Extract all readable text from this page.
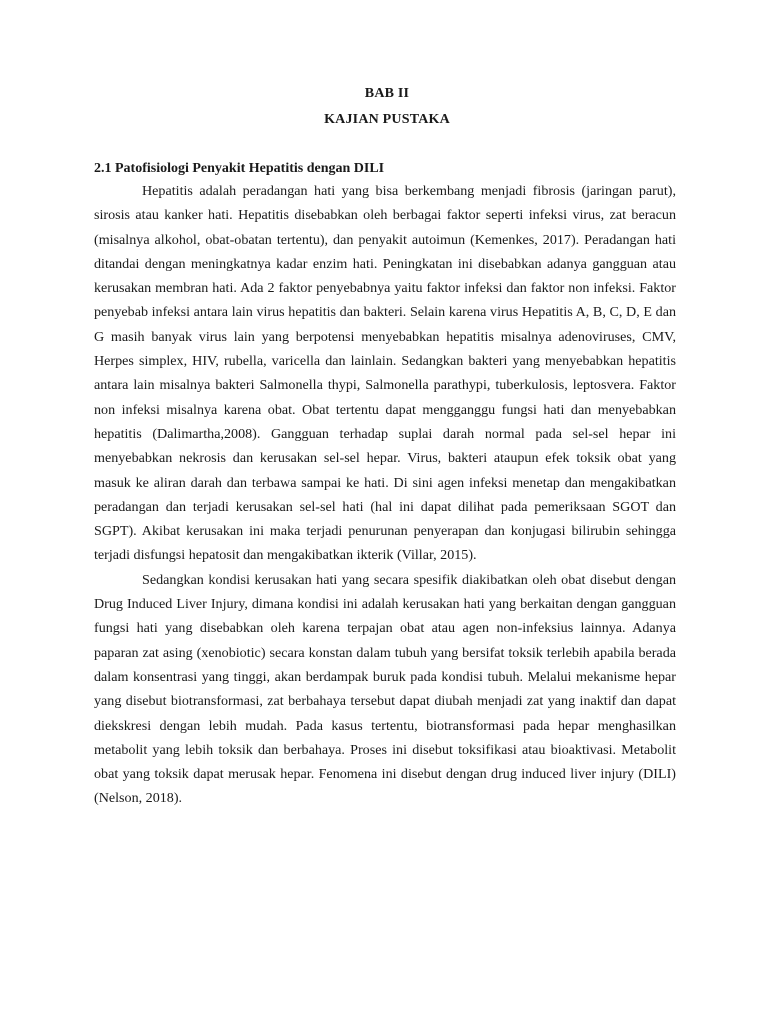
BAB II
KAJIAN PUSTAKA
2.1 Patofisiologi Penyakit Hepatitis dengan DILI

Hepatitis adalah peradangan hati yang bisa berkembang menjadi fibrosis (jaringan parut), sirosis atau kanker hati. Hepatitis disebabkan oleh berbagai faktor seperti infeksi virus, zat beracun (misalnya alkohol, obat-obatan tertentu), dan penyakit autoimun (Kemenkes, 2017). Peradangan hati ditandai dengan meningkatnya kadar enzim hati. Peningkatan ini disebabkan adanya gangguan atau kerusakan membran hati. Ada 2 faktor penyebabnya yaitu faktor infeksi dan faktor non infeksi. Faktor penyebab infeksi antara lain virus hepatitis dan bakteri. Selain karena virus Hepatitis A, B, C, D, E dan G masih banyak virus lain yang berpotensi menyebabkan hepatitis misalnya adenoviruses, CMV, Herpes simplex, HIV, rubella, varicella dan lainlain. Sedangkan bakteri yang menyebabkan hepatitis antara lain misalnya bakteri Salmonella thypi, Salmonella parathypi, tuberkulosis, leptosvera. Faktor non infeksi misalnya karena obat. Obat tertentu dapat mengganggu fungsi hati dan menyebabkan hepatitis (Dalimartha,2008). Gangguan terhadap suplai darah normal pada sel-sel hepar ini menyebabkan nekrosis dan kerusakan sel-sel hepar. Virus, bakteri ataupun efek toksik obat yang masuk ke aliran darah dan terbawa sampai ke hati. Di sini agen infeksi menetap dan mengakibatkan peradangan dan terjadi kerusakan sel-sel hati (hal ini dapat dilihat pada pemeriksaan SGOT dan SGPT). Akibat kerusakan ini maka terjadi penurunan penyerapan dan konjugasi bilirubin sehingga terjadi disfungsi hepatosit dan mengakibatkan ikterik (Villar, 2015).

Sedangkan kondisi kerusakan hati yang secara spesifik diakibatkan oleh obat disebut dengan Drug Induced Liver Injury, dimana kondisi ini adalah kerusakan hati yang berkaitan dengan gangguan fungsi hati yang disebabkan oleh karena terpajan obat atau agen non-infeksius lainnya. Adanya paparan zat asing (xenobiotic) secara konstan dalam tubuh yang bersifat toksik terlebih apabila berada dalam konsentrasi yang tinggi, akan berdampak buruk pada kondisi tubuh. Melalui mekanisme hepar yang disebut biotransformasi, zat berbahaya tersebut dapat diubah menjadi zat yang inaktif dan dapat diekskresi dengan lebih mudah. Pada kasus tertentu, biotransformasi pada hepar menghasilkan metabolit yang lebih toksik dan berbahaya. Proses ini disebut toksifikasi atau bioaktivasi. Metabolit obat yang toksik dapat merusak hepar. Fenomena ini disebut dengan drug induced liver injury (DILI) (Nelson, 2018).
